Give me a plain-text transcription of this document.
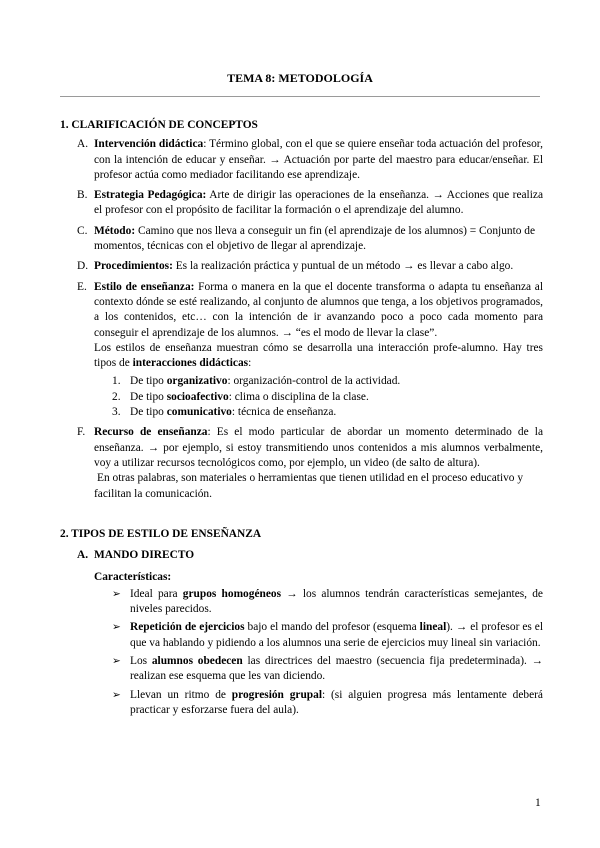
TEMA 8: METODOLOGÍA
1. CLARIFICACIÓN DE CONCEPTOS
A. Intervención didáctica: Término global, con el que se quiere enseñar toda actuación del profesor, con la intención de educar y enseñar. → Actuación por parte del maestro para educar/enseñar. El profesor actúa como mediador facilitando ese aprendizaje.
B. Estrategia Pedagógica: Arte de dirigir las operaciones de la enseñanza. → Acciones que realiza el profesor con el propósito de facilitar la formación o el aprendizaje del alumno.
C. Método: Camino que nos lleva a conseguir un fin (el aprendizaje de los alumnos) = Conjunto de momentos, técnicas con el objetivo de llegar al aprendizaje.
D. Procedimientos: Es la realización práctica y puntual de un método → es llevar a cabo algo.
E. Estilo de enseñanza: Forma o manera en la que el docente transforma o adapta tu enseñanza al contexto dónde se esté realizando, al conjunto de alumnos que tenga, a los objetivos programados, a los contenidos, etc… con la intención de ir avanzando poco a poco cada momento para conseguir el aprendizaje de los alumnos. → “es el modo de llevar la clase”.
Los estilos de enseñanza muestran cómo se desarrolla una interacción profe-alumno. Hay tres tipos de interacciones didácticas:
1. De tipo organizativo: organización-control de la actividad.
2. De tipo socioafectivo: clima o disciplina de la clase.
3. De tipo comunicativo: técnica de enseñanza.
F. Recurso de enseñanza: Es el modo particular de abordar un momento determinado de la enseñanza. → por ejemplo, si estoy transmitiendo unos contenidos a mis alumnos verbalmente, voy a utilizar recursos tecnológicos como, por ejemplo, un video (de salto de altura).
En otras palabras, son materiales o herramientas que tienen utilidad en el proceso educativo y facilitan la comunicación.
2. TIPOS DE ESTILO DE ENSEÑANZA
A. MANDO DIRECTO
Características:
➢ Ideal para grupos homogéneos → los alumnos tendrán características semejantes, de niveles parecidos.
➢ Repetición de ejercicios bajo el mando del profesor (esquema lineal). → el profesor es el que va hablando y pidiendo a los alumnos una serie de ejercicios muy lineal sin variación.
➢ Los alumnos obedecen las directrices del maestro (secuencia fija predeterminada). → realizan ese esquema que les van diciendo.
➢ Llevan un ritmo de progresión grupal: (si alguien progresa más lentamente deberá practicar y esforzarse fuera del aula).
1
